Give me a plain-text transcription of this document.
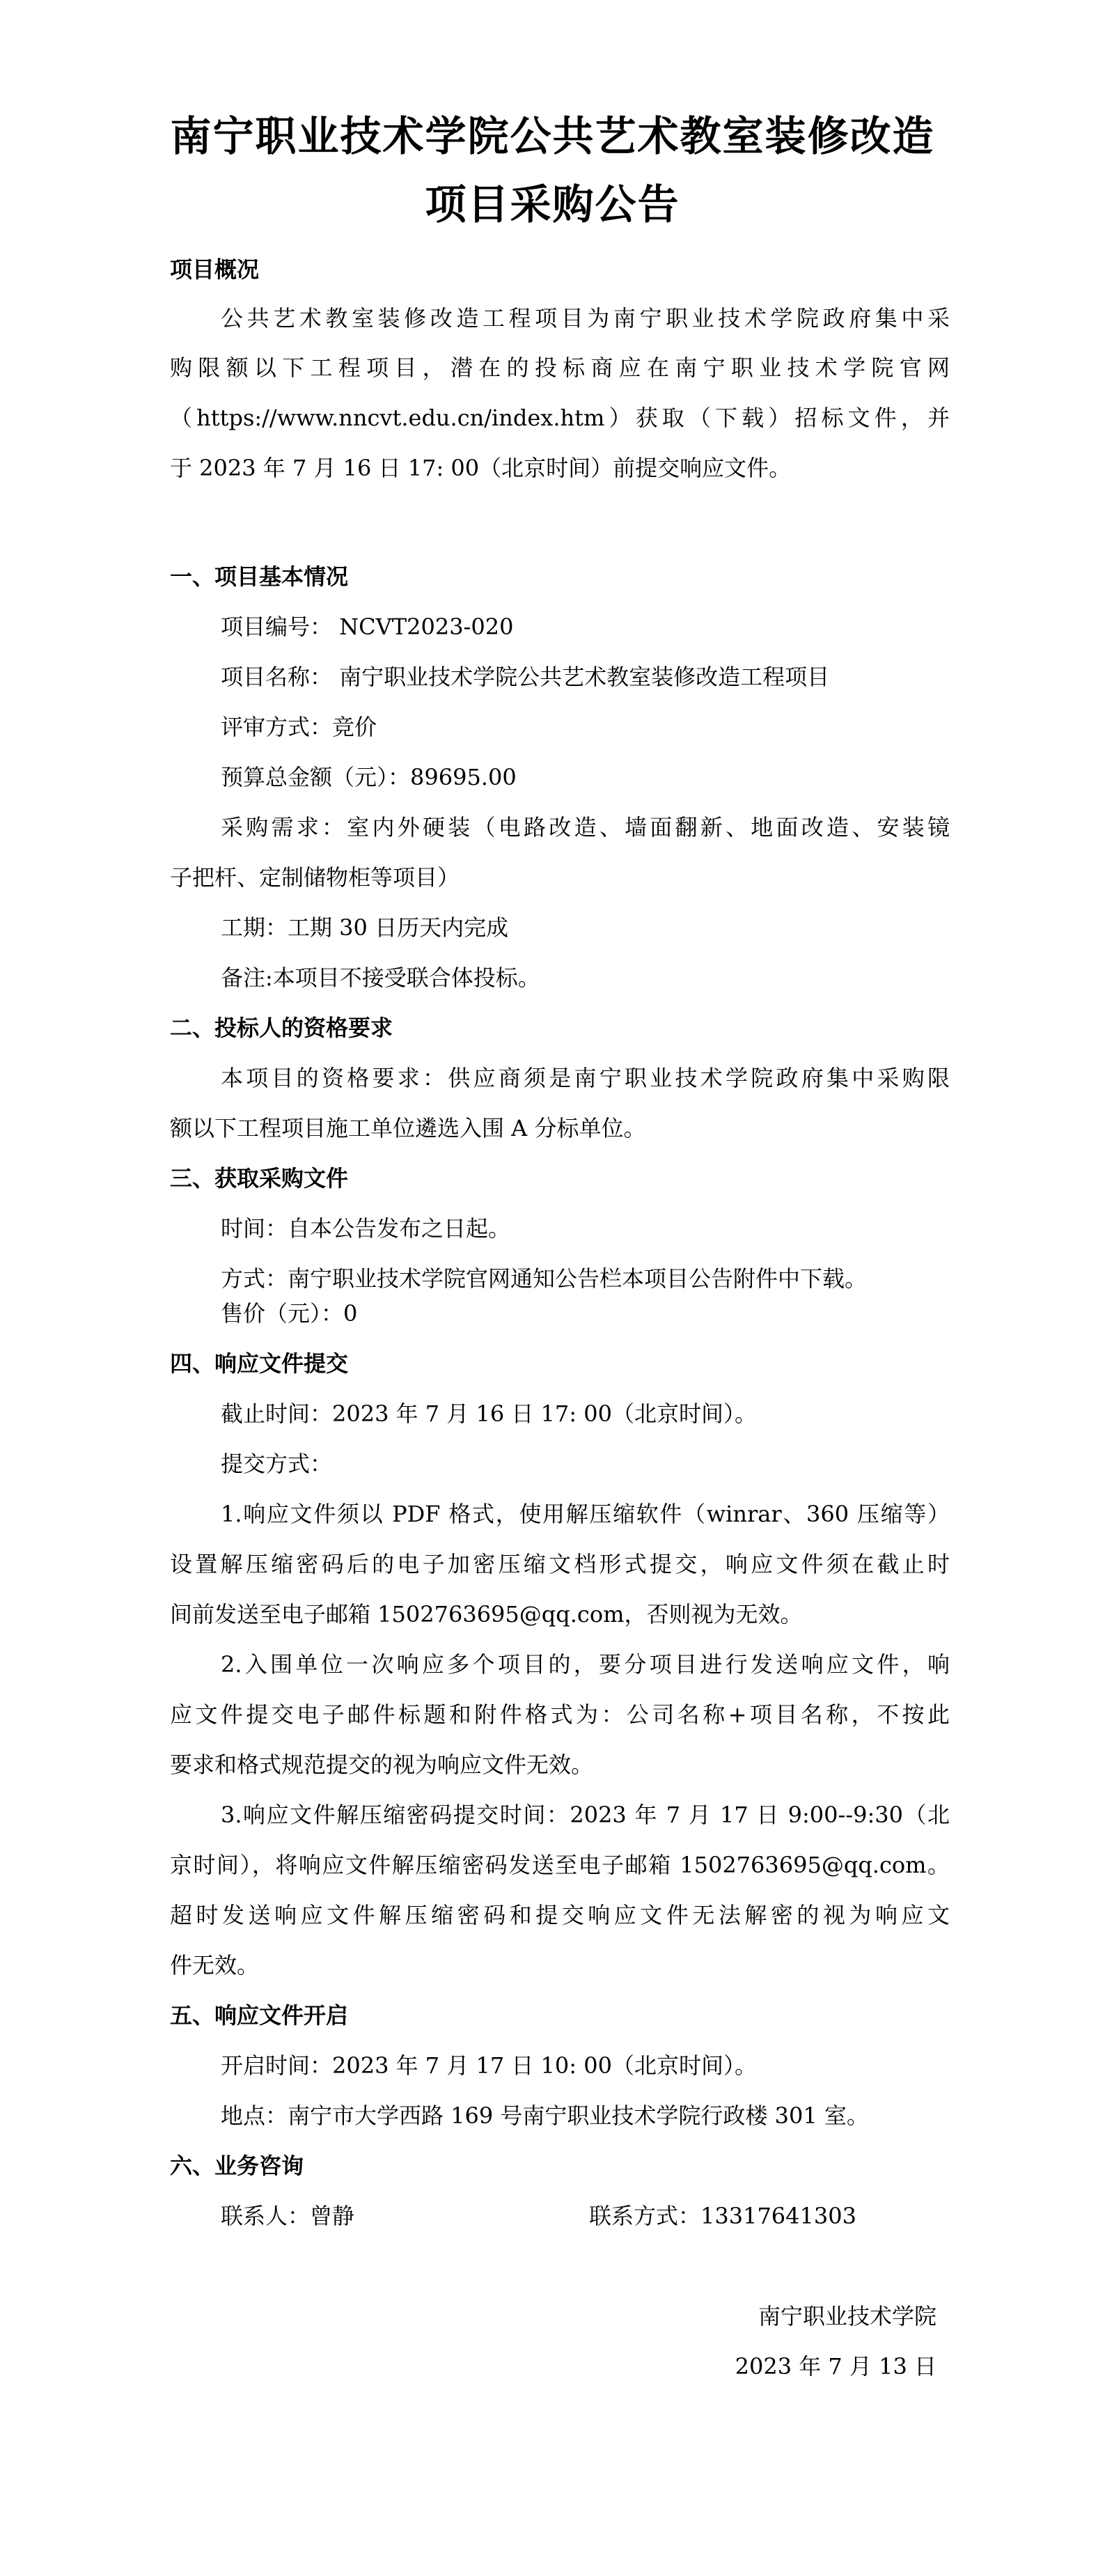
南宁职业技术学院公共艺术教室装修改造
项目采购公告
项目概况
公共艺术教室装修改造工程项目为南宁职业技术学院政府集中采
购限额以下工程项目，潜在的投标商应在南宁职业技术学院官网
（https://www.nncvt.edu.cn/index.htm）获取（下载）招标文件，并
于 2023 年 7 月 16 日 17: 00（北京时间）前提交响应文件。
一、项目基本情况
项目编号： NCVT2023-020
项目名称： 南宁职业技术学院公共艺术教室装修改造工程项目
评审方式：竞价
预算总金额（元）：89695.00
采购需求：室内外硬装（电路改造、墙面翻新、地面改造、安装镜
子把杆、定制储物柜等项目）
工期：工期 30 日历天内完成
备注:本项目不接受联合体投标。
二、投标人的资格要求
本项目的资格要求：供应商须是南宁职业技术学院政府集中采购限
额以下工程项目施工单位遴选入围 A 分标单位。
三、获取采购文件
时间：自本公告发布之日起。
方式：南宁职业技术学院官网通知公告栏本项目公告附件中下载。
售价（元）：0
四、响应文件提交
截止时间：2023 年 7 月 16 日 17: 00（北京时间）。
提交方式：
1.响应文件须以 PDF 格式，使用解压缩软件（winrar、360 压缩等）
设置解压缩密码后的电子加密压缩文档形式提交，响应文件须在截止时
间前发送至电子邮箱 1502763695@qq.com，否则视为无效。
2.入围单位一次响应多个项目的，要分项目进行发送响应文件，响
应文件提交电子邮件标题和附件格式为：公司名称+项目名称，不按此
要求和格式规范提交的视为响应文件无效。
3.响应文件解压缩密码提交时间：2023 年 7 月 17 日 9:00--9:30（北
京时间），将响应文件解压缩密码发送至电子邮箱 1502763695@qq.com。
超时发送响应文件解压缩密码和提交响应文件无法解密的视为响应文
件无效。
五、响应文件开启
开启时间：2023 年 7 月 17 日 10: 00（北京时间）。
地点：南宁市大学西路 169 号南宁职业技术学院行政楼 301 室。
六、业务咨询
联系人：曾静	联系方式：13317641303
南宁职业技术学院
2023 年 7 月 13 日
